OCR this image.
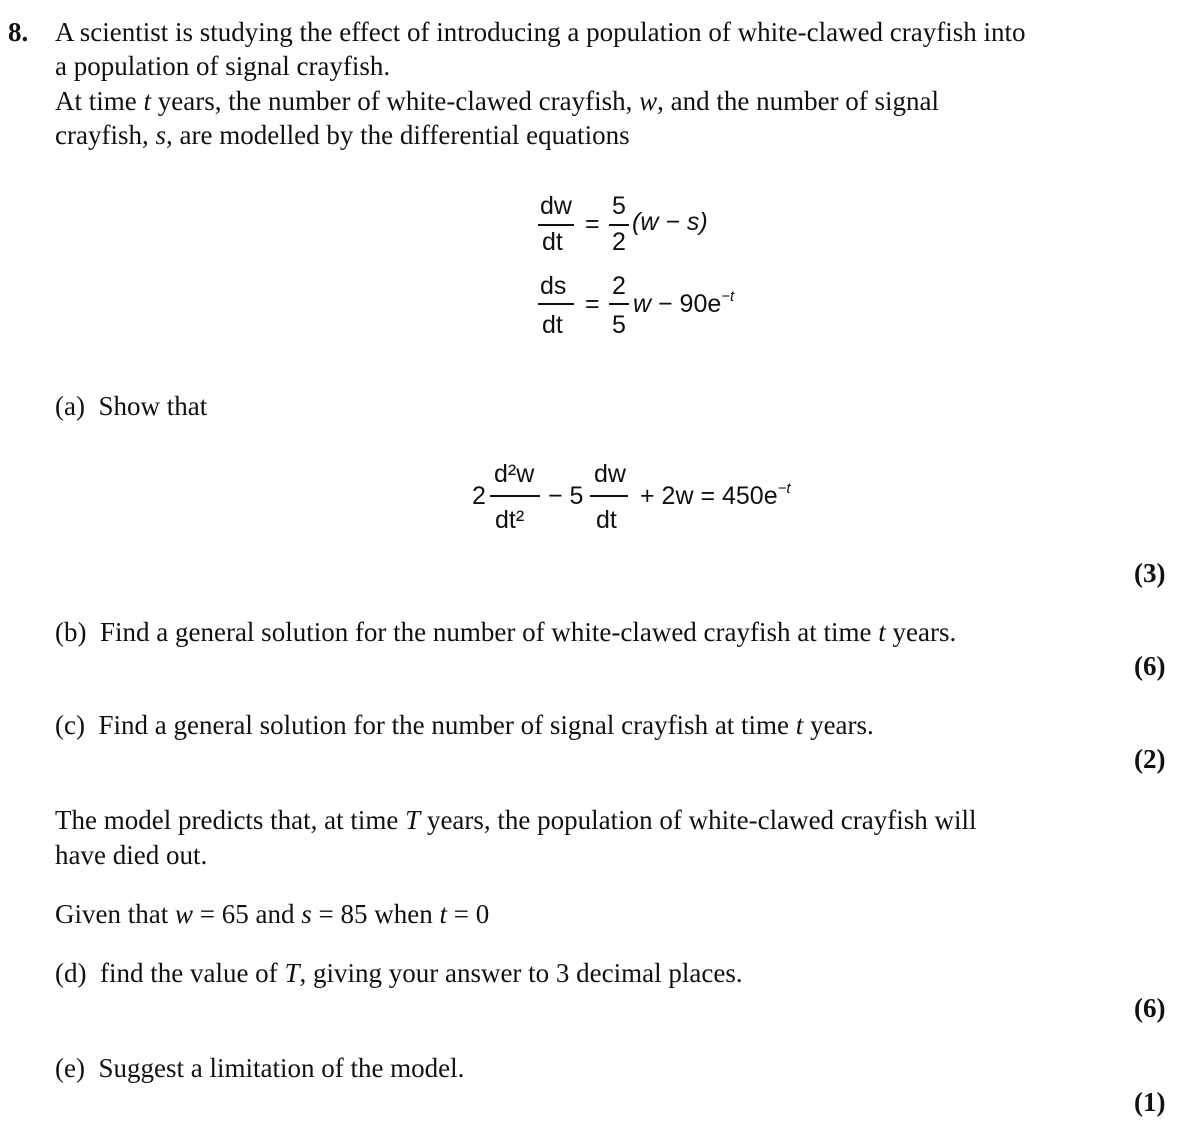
8. A scientist is studying the effect of introducing a population of white-clawed crayfish into
a population of signal crayfish.
At time t years, the number of white-clawed crayfish, w, and the number of signal
crayfish, s, are modelled by the differential equations
dw
dt
=
5
2
(w − s)
ds
dt
=
2
5
$w - 90e^{-t}$
(a) Show that
2
d²w
dt²
− 5
dw
dt
+ $2w = 450e^{-t}$
(3)
(b) Find a general solution for the number of white-clawed crayfish at time t years.
(6)
(c) Find a general solution for the number of signal crayfish at time t years.
(2)
The model predicts that, at time T years, the population of white-clawed crayfish will
have died out.
Given that w = 65 and s = 85 when t = 0
(d) find the value of T, giving your answer to 3 decimal places.
(6)
(e) Suggest a limitation of the model.
(1)
